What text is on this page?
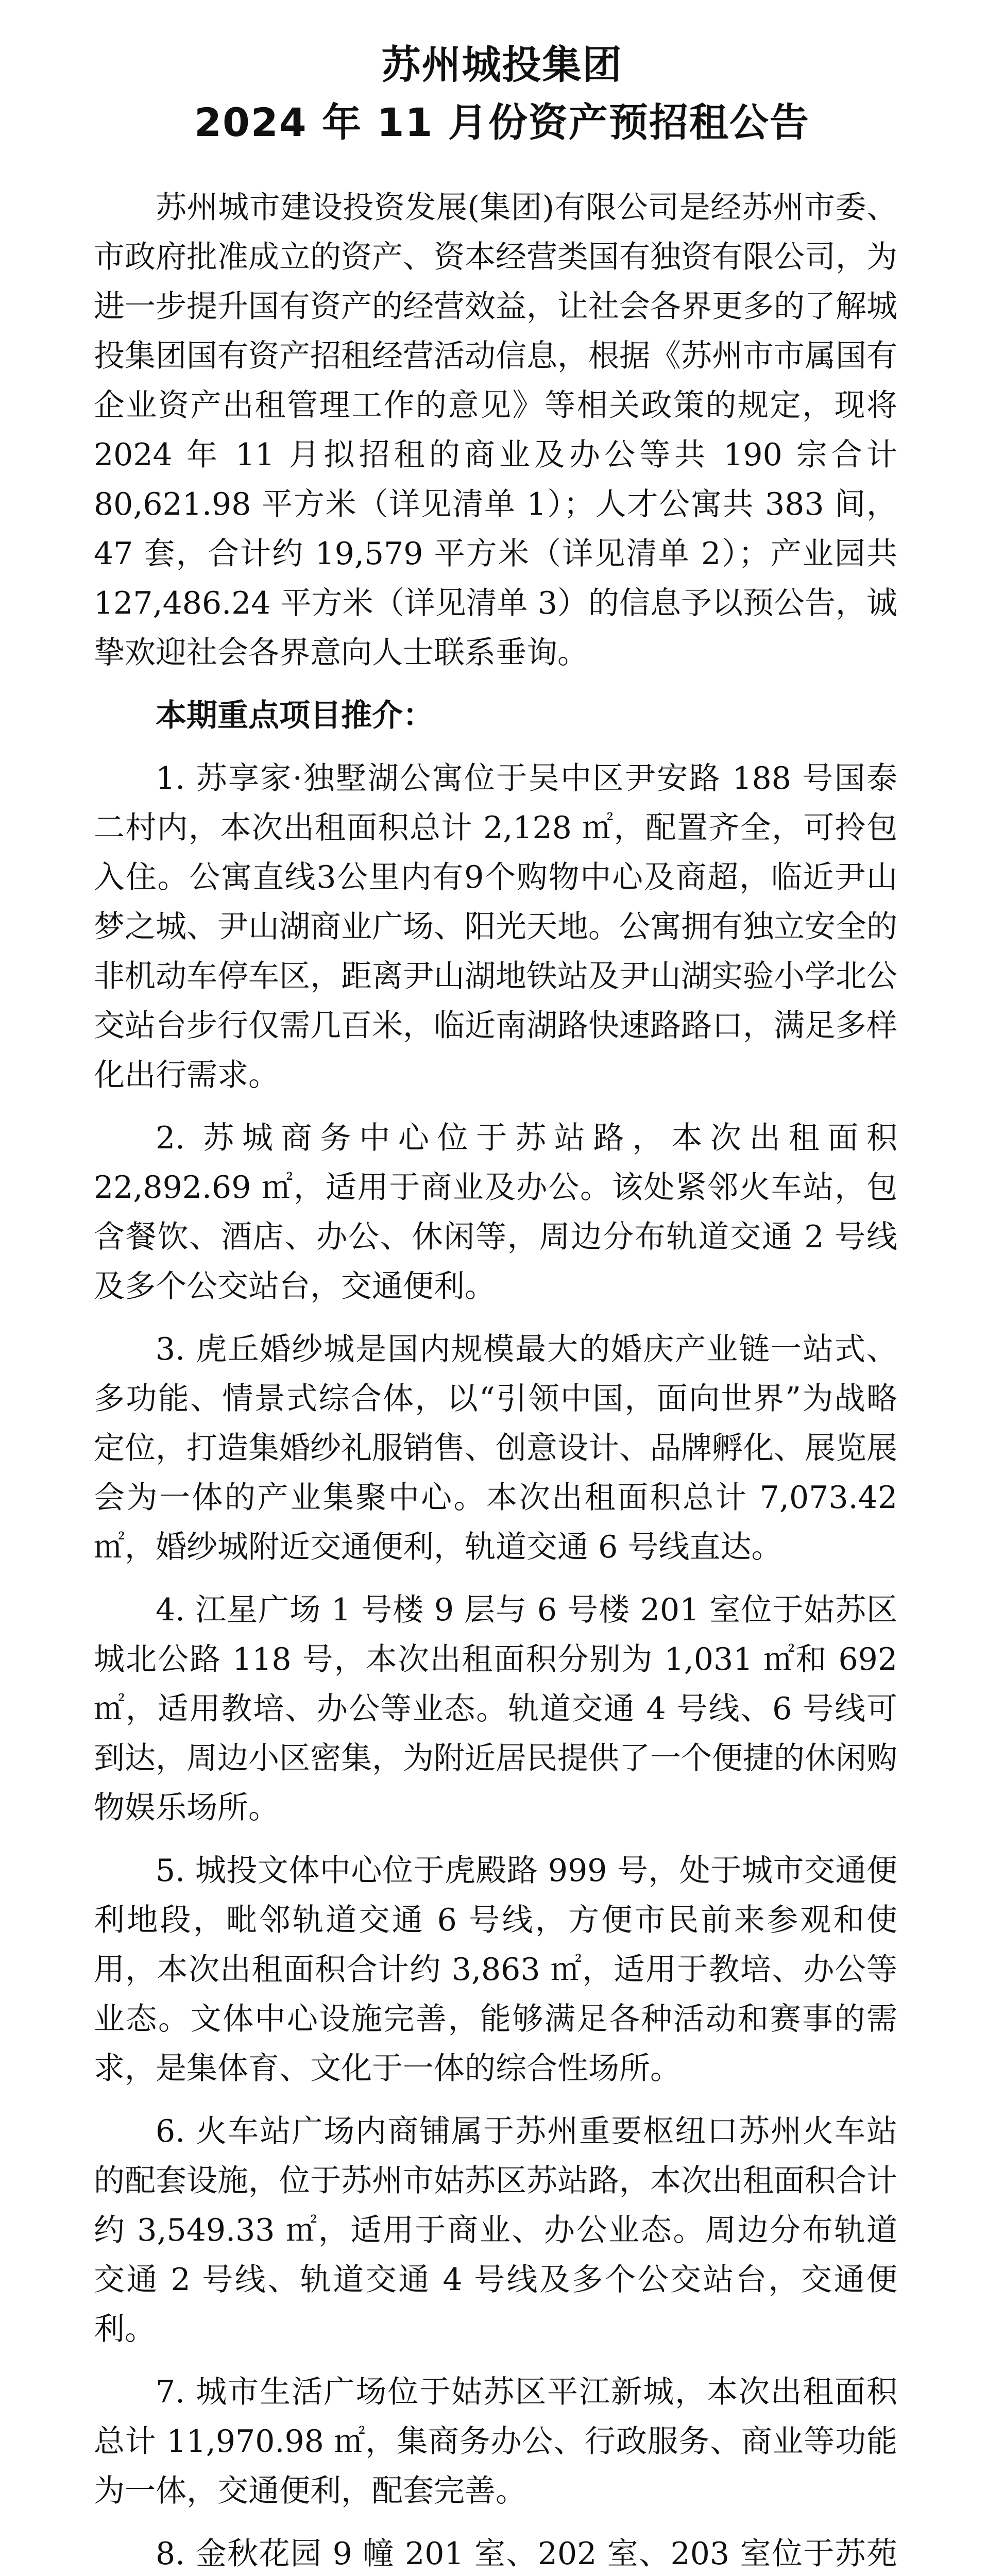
苏州城投集团
2024 年 11 月份资产预招租公告

苏州城市建设投资发展(集团)有限公司是经苏州市委、市政府批准成立的资产、资本经营类国有独资有限公司，为进一步提升国有资产的经营效益，让社会各界更多的了解城投集团国有资产招租经营活动信息，根据《苏州市市属国有企业资产出租管理工作的意见》等相关政策的规定，现将 2024 年 11 月拟招租的商业及办公等共 190 宗合计 80,621.98 平方米（详见清单 1）；人才公寓共 383 间，47 套，合计约 19,579 平方米（详见清单 2）；产业园共 127,486.24 平方米（详见清单 3）的信息予以预公告，诚挚欢迎社会各界意向人士联系垂询。

本期重点项目推介：

1. 苏享家·独墅湖公寓位于吴中区尹安路 188 号国泰二村内，本次出租面积总计 2,128 ㎡，配置齐全，可拎包入住。公寓直线3公里内有9个购物中心及商超，临近尹山梦之城、尹山湖商业广场、阳光天地。公寓拥有独立安全的非机动车停车区，距离尹山湖地铁站及尹山湖实验小学北公交站台步行仅需几百米，临近南湖路快速路路口，满足多样化出行需求。

2. 苏城商务中心位于苏站路，本次出租面积 22,892.69 ㎡，适用于商业及办公。该处紧邻火车站，包含餐饮、酒店、办公、休闲等，周边分布轨道交通 2 号线及多个公交站台，交通便利。

3. 虎丘婚纱城是国内规模最大的婚庆产业链一站式、多功能、情景式综合体，以“引领中国，面向世界”为战略定位，打造集婚纱礼服销售、创意设计、品牌孵化、展览展会为一体的产业集聚中心。本次出租面积总计 7,073.42 ㎡，婚纱城附近交通便利，轨道交通 6 号线直达。

4. 江星广场 1 号楼 9 层与 6 号楼 201 室位于姑苏区城北公路 118 号，本次出租面积分别为 1,031 ㎡和 692 ㎡，适用教培、办公等业态。轨道交通 4 号线、6 号线可到达，周边小区密集，为附近居民提供了一个便捷的休闲购物娱乐场所。

5. 城投文体中心位于虎殿路 999 号，处于城市交通便利地段，毗邻轨道交通 6 号线，方便市民前来参观和使用，本次出租面积合计约 3,863 ㎡，适用于教培、办公等业态。文体中心设施完善，能够满足各种活动和赛事的需求，是集体育、文化于一体的综合性场所。

6. 火车站广场内商铺属于苏州重要枢纽口苏州火车站的配套设施，位于苏州市姑苏区苏站路，本次出租面积合计约 3,549.33 ㎡，适用于商业、办公业态。周边分布轨道交通 2 号线、轨道交通 4 号线及多个公交站台，交通便利。

7. 城市生活广场位于姑苏区平江新城，本次出租面积总计 11,970.98 ㎡，集商务办公、行政服务、商业等功能为一体，交通便利，配套完善。

8. 金秋花园 9 幢 201 室、202 室、203 室位于苏苑
